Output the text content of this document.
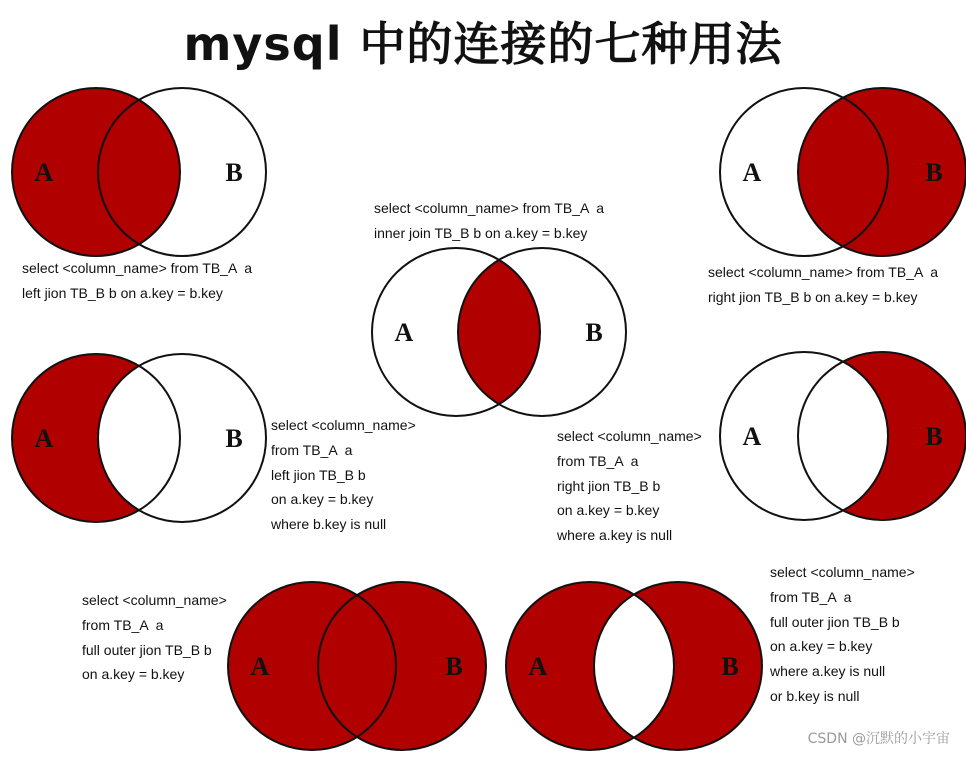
mysql 中的连接的七种用法
A	B
A	B
A	B
A	B	A	B
A	B	A	B
select <column_name> from TB_A  a
left jion TB_B b on a.key = b.key
select <column_name> from TB_A  a
inner join TB_B b on a.key = b.key
select <column_name> from TB_A  a
right jion TB_B b on a.key = b.key
select <column_name>
from TB_A  a
left jion TB_B b
on a.key = b.key
where b.key is null
select <column_name>
from TB_A  a
right jion TB_B b
on a.key = b.key
where a.key is null
select <column_name>
from TB_A  a
full outer jion TB_B b
on a.key = b.key
select <column_name>
from TB_A  a
full outer jion TB_B b
on a.key = b.key
where a.key is null
or b.key is null
CSDN @沉默的小宇宙
